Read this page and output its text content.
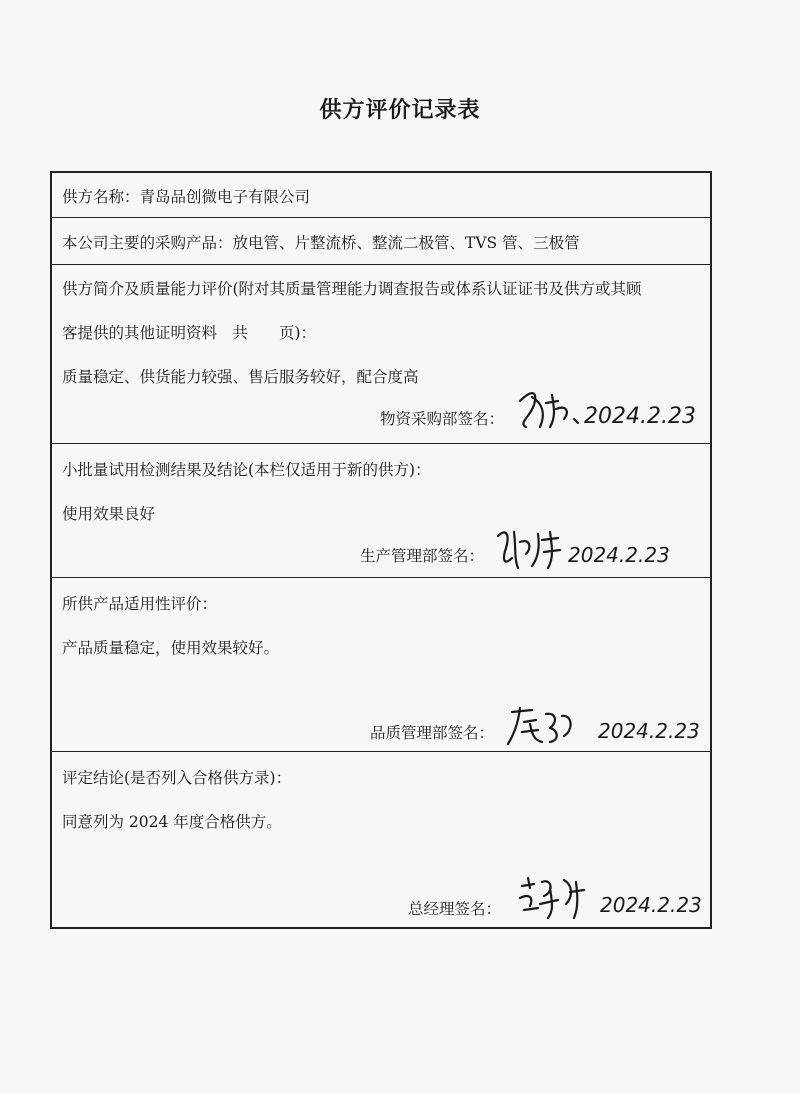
供方评价记录表
供方名称：青岛品创微电子有限公司
本公司主要的采购产品：放电管、片整流桥、整流二极管、TVS 管、三极管
供方简介及质量能力评价(附对其质量管理能力调查报告或体系认证证书及供方或其顾
客提供的其他证明资料　共　　页)：
质量稳定、供货能力较强、售后服务较好，配合度高
物资采购部签名：	2024.2.23
小批量试用检测结果及结论(本栏仅适用于新的供方)：
使用效果良好
生产管理部签名：	2024.2.23
所供产品适用性评价：
产品质量稳定，使用效果较好。
品质管理部签名：	2024.2.23
评定结论(是否列入合格供方录)：
同意列为 2024 年度合格供方。
总经理签名：	2024.2.23
